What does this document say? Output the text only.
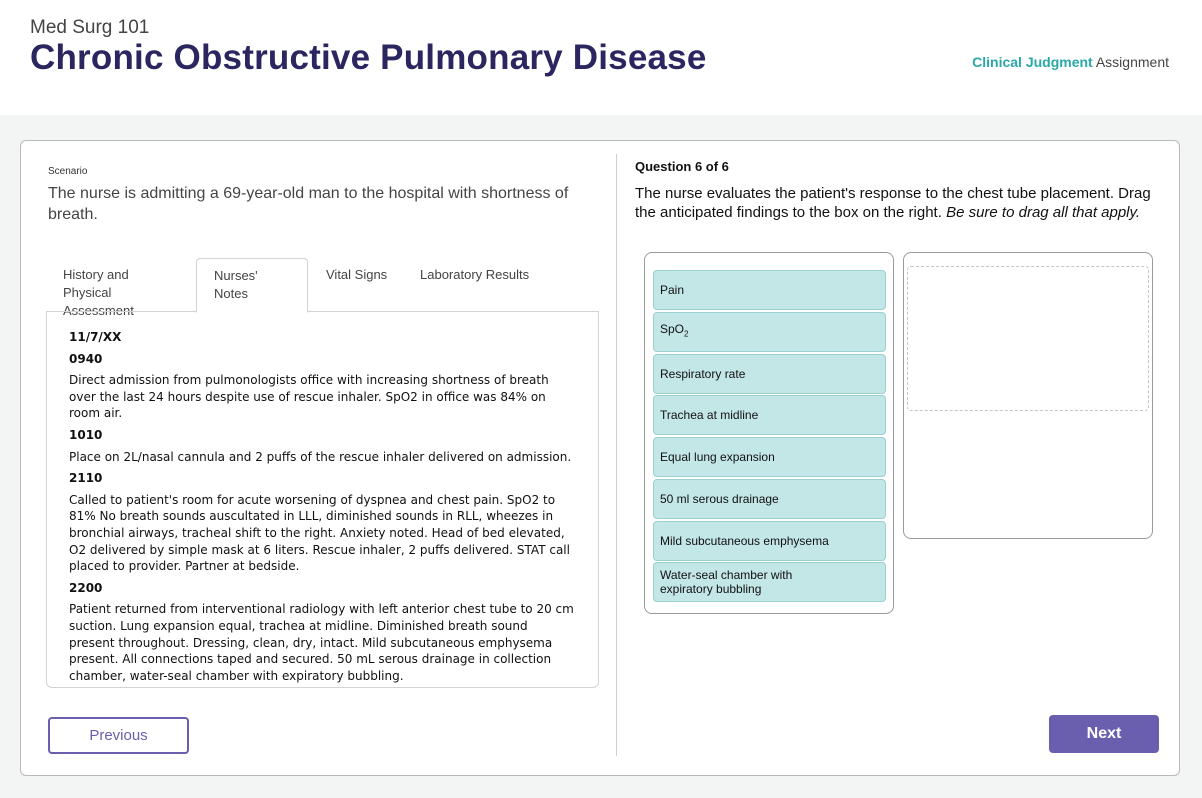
Med Surg 101
Chronic Obstructive Pulmonary Disease	Clinical Judgment Assignment
Scenario
The nurse is admitting a 69-year-old man to the hospital with shortness of breath.
History and Physical Assessment
Nurses' Notes
Vital Signs	Laboratory Results
11/7/XX
0940
Direct admission from pulmonologists office with increasing shortness of breath over the last 24 hours despite use of rescue inhaler. SpO2 in office was 84% on room air.
1010
Place on 2L/nasal cannula and 2 puffs of the rescue inhaler delivered on admission.
2110
Called to patient's room for acute worsening of dyspnea and chest pain. SpO2 to 81% No breath sounds auscultated in LLL, diminished sounds in RLL, wheezes in bronchial airways, tracheal shift to the right. Anxiety noted. Head of bed elevated, O2 delivered by simple mask at 6 liters. Rescue inhaler, 2 puffs delivered. STAT call placed to provider. Partner at bedside.
2200
Patient returned from interventional radiology with left anterior chest tube to 20 cm suction. Lung expansion equal, trachea at midline. Diminished breath sound present throughout. Dressing, clean, dry, intact. Mild subcutaneous emphysema present. All connections taped and secured. 50 mL serous drainage in collection chamber, water-seal chamber with expiratory bubbling.
Previous
Question 6 of 6
The nurse evaluates the patient's response to the chest tube placement. Drag the anticipated findings to the box on the right. Be sure to drag all that apply.
Pain
SpO$_2$
Respiratory rate
Trachea at midline
Equal lung expansion
50 ml serous drainage
Mild subcutaneous emphysema
Water-seal chamber with expiratory bubbling
Next
